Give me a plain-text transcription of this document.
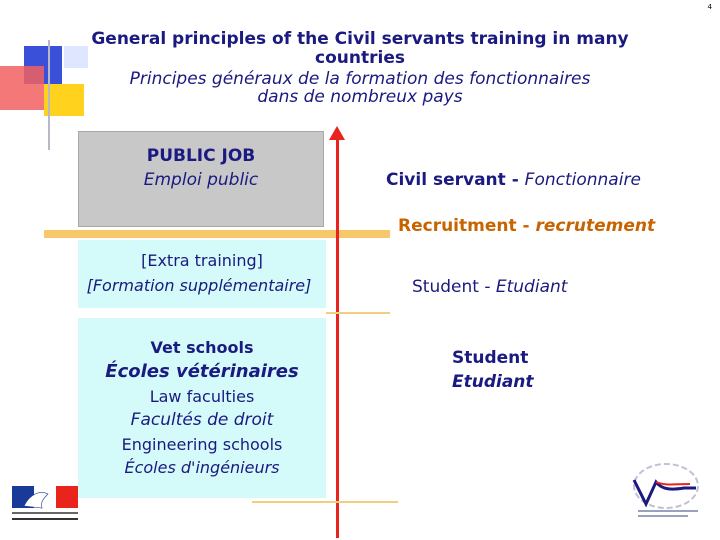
4
General principles of the Civil servants training in many
countries
Principes généraux de la formation des fonctionnaires
dans de nombreux pays
PUBLIC JOB
Emploi public
[Extra training]
[Formation supplémentaire]
Vet schools
Écoles vétérinaires
Law faculties
Facultés de droit
Engineering schools
Écoles d'ingénieurs
Civil servant - Fonctionnaire
Recruitment - recrutement
Student - Etudiant
Student
Etudiant
